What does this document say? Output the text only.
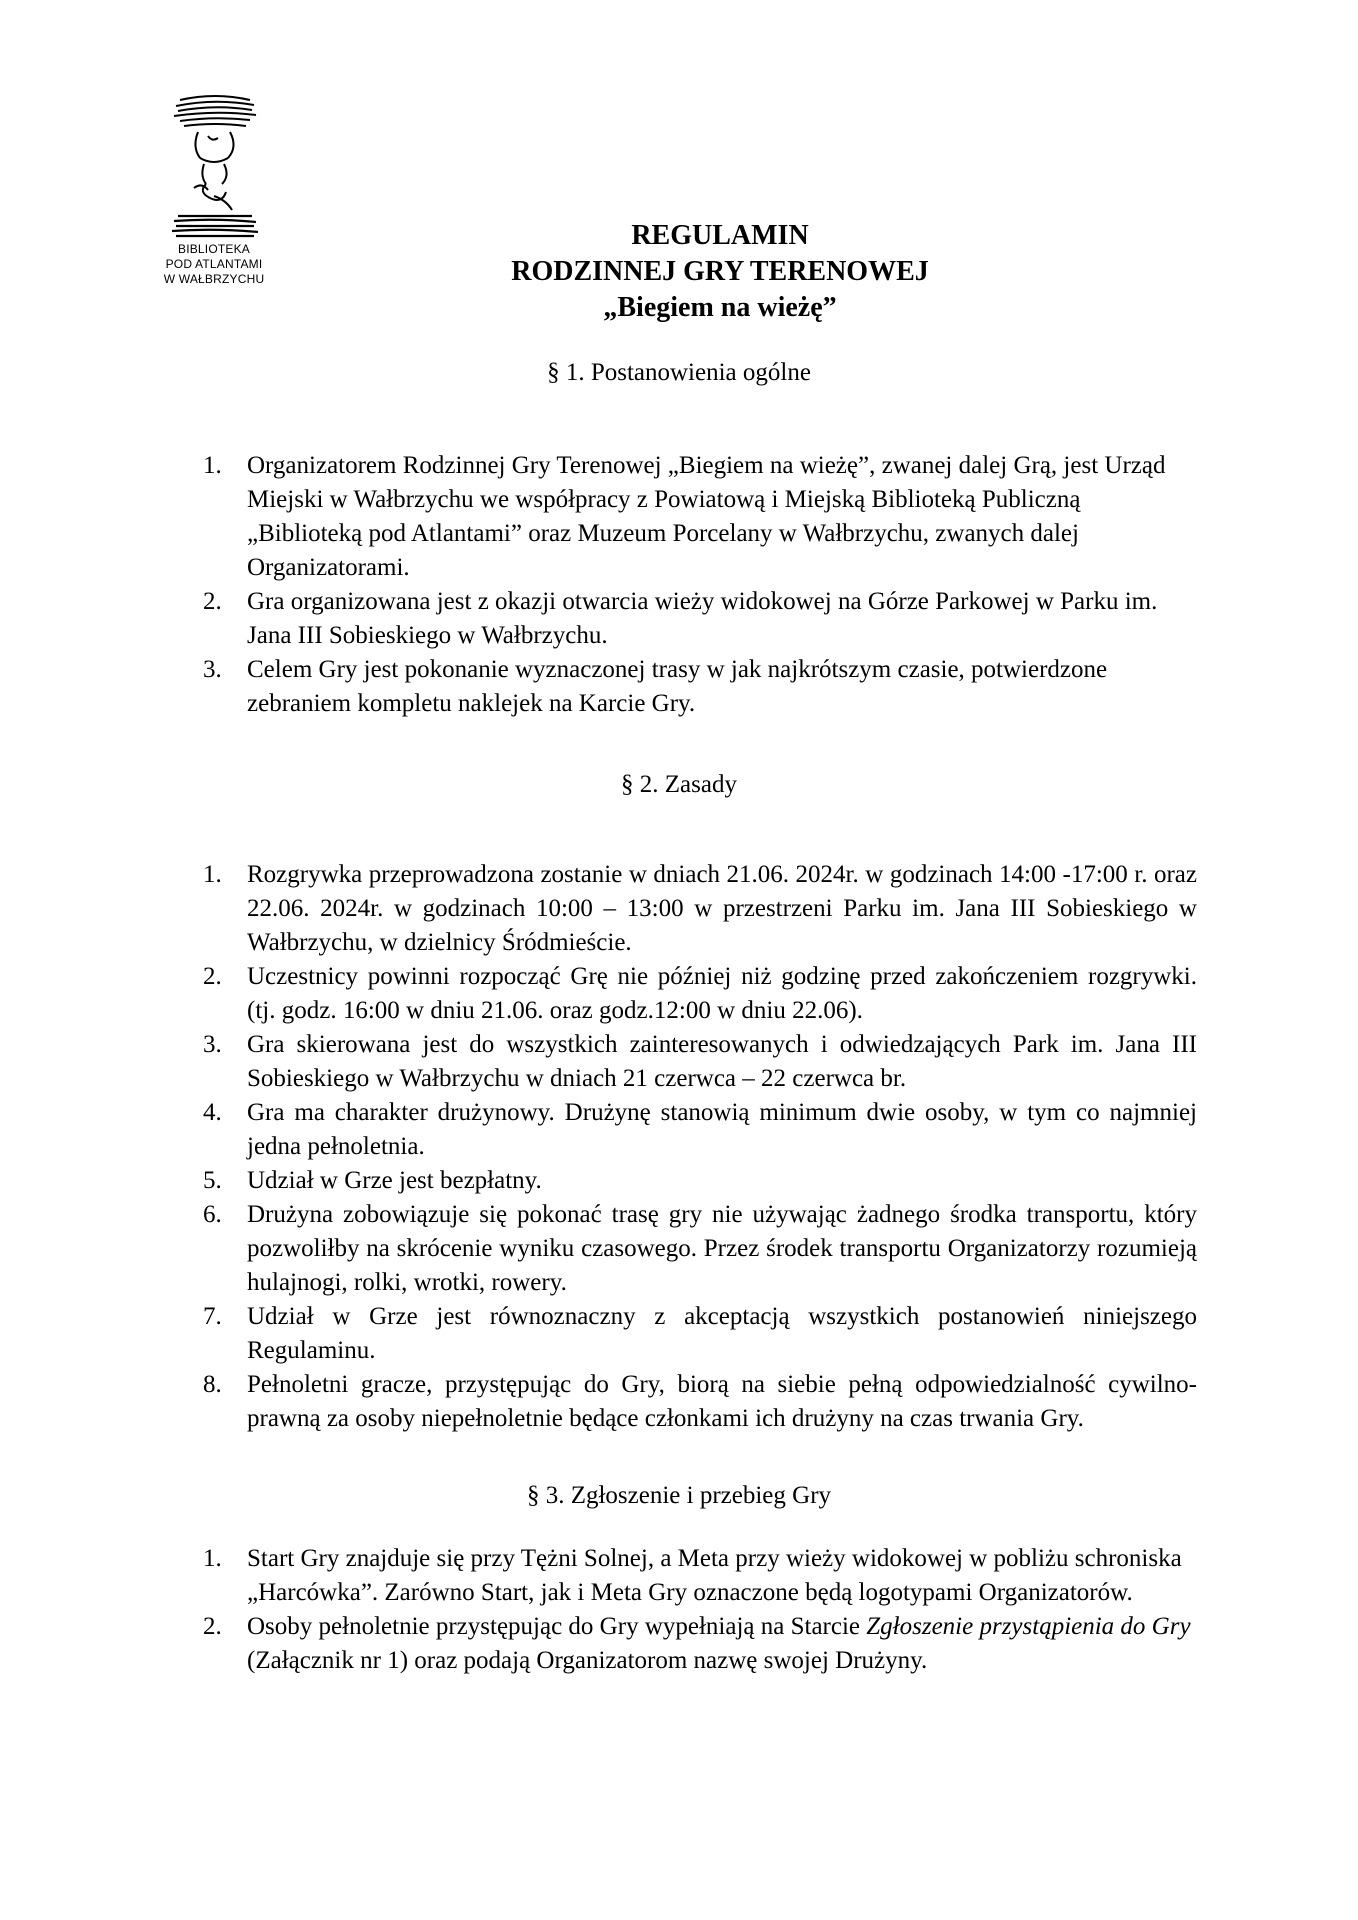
BIBLIOTEKA
POD ATLANTAMI
W WAŁBRZYCHU
REGULAMIN
RODZINNEJ GRY TERENOWEJ
„Biegiem na wieżę”
§ 1. Postanowienia ogólne
1. Organizatorem Rodzinnej Gry Terenowej „Biegiem na wieżę”, zwanej dalej Grą, jest Urząd Miejski w Wałbrzychu we współpracy z Powiatową i Miejską Biblioteką Publiczną „Biblioteką pod Atlantami” oraz Muzeum Porcelany w Wałbrzychu, zwanych dalej Organizatorami.
2. Gra organizowana jest z okazji otwarcia wieży widokowej na Górze Parkowej w Parku im. Jana III Sobieskiego w Wałbrzychu.
3. Celem Gry jest pokonanie wyznaczonej trasy w jak najkrótszym czasie, potwierdzone zebraniem kompletu naklejek na Karcie Gry.
§ 2. Zasady
1. Rozgrywka przeprowadzona zostanie w dniach 21.06. 2024r. w godzinach 14:00 -17:00 r. oraz 22.06. 2024r. w godzinach 10:00 – 13:00 w przestrzeni Parku im. Jana III Sobieskiego w Wałbrzychu, w dzielnicy Śródmieście.
2. Uczestnicy powinni rozpocząć Grę nie później niż godzinę przed zakończeniem rozgrywki. (tj. godz. 16:00 w dniu 21.06. oraz godz.12:00 w dniu 22.06).
3. Gra skierowana jest do wszystkich zainteresowanych i odwiedzających Park im. Jana III Sobieskiego w Wałbrzychu w dniach 21 czerwca – 22 czerwca br.
4. Gra ma charakter drużynowy. Drużynę stanowią minimum dwie osoby, w tym co najmniej jedna pełnoletnia.
5. Udział w Grze jest bezpłatny.
6. Drużyna zobowiązuje się pokonać trasę gry nie używając żadnego środka transportu, który pozwoliłby na skrócenie wyniku czasowego. Przez środek transportu Organizatorzy rozumieją hulajnogi, rolki, wrotki, rowery.
7. Udział w Grze jest równoznaczny z akceptacją wszystkich postanowień niniejszego Regulaminu.
8. Pełnoletni gracze, przystępując do Gry, biorą na siebie pełną odpowiedzialność cywilno-prawną za osoby niepełnoletnie będące członkami ich drużyny na czas trwania Gry.
§ 3. Zgłoszenie i przebieg Gry
1. Start Gry znajduje się przy Tężni Solnej, a Meta przy wieży widokowej w pobliżu schroniska „Harcówka”. Zarówno Start, jak i Meta Gry oznaczone będą logotypami Organizatorów.
2. Osoby pełnoletnie przystępując do Gry wypełniają na Starcie Zgłoszenie przystąpienia do Gry (Załącznik nr 1) oraz podają Organizatorom nazwę swojej Drużyny.
